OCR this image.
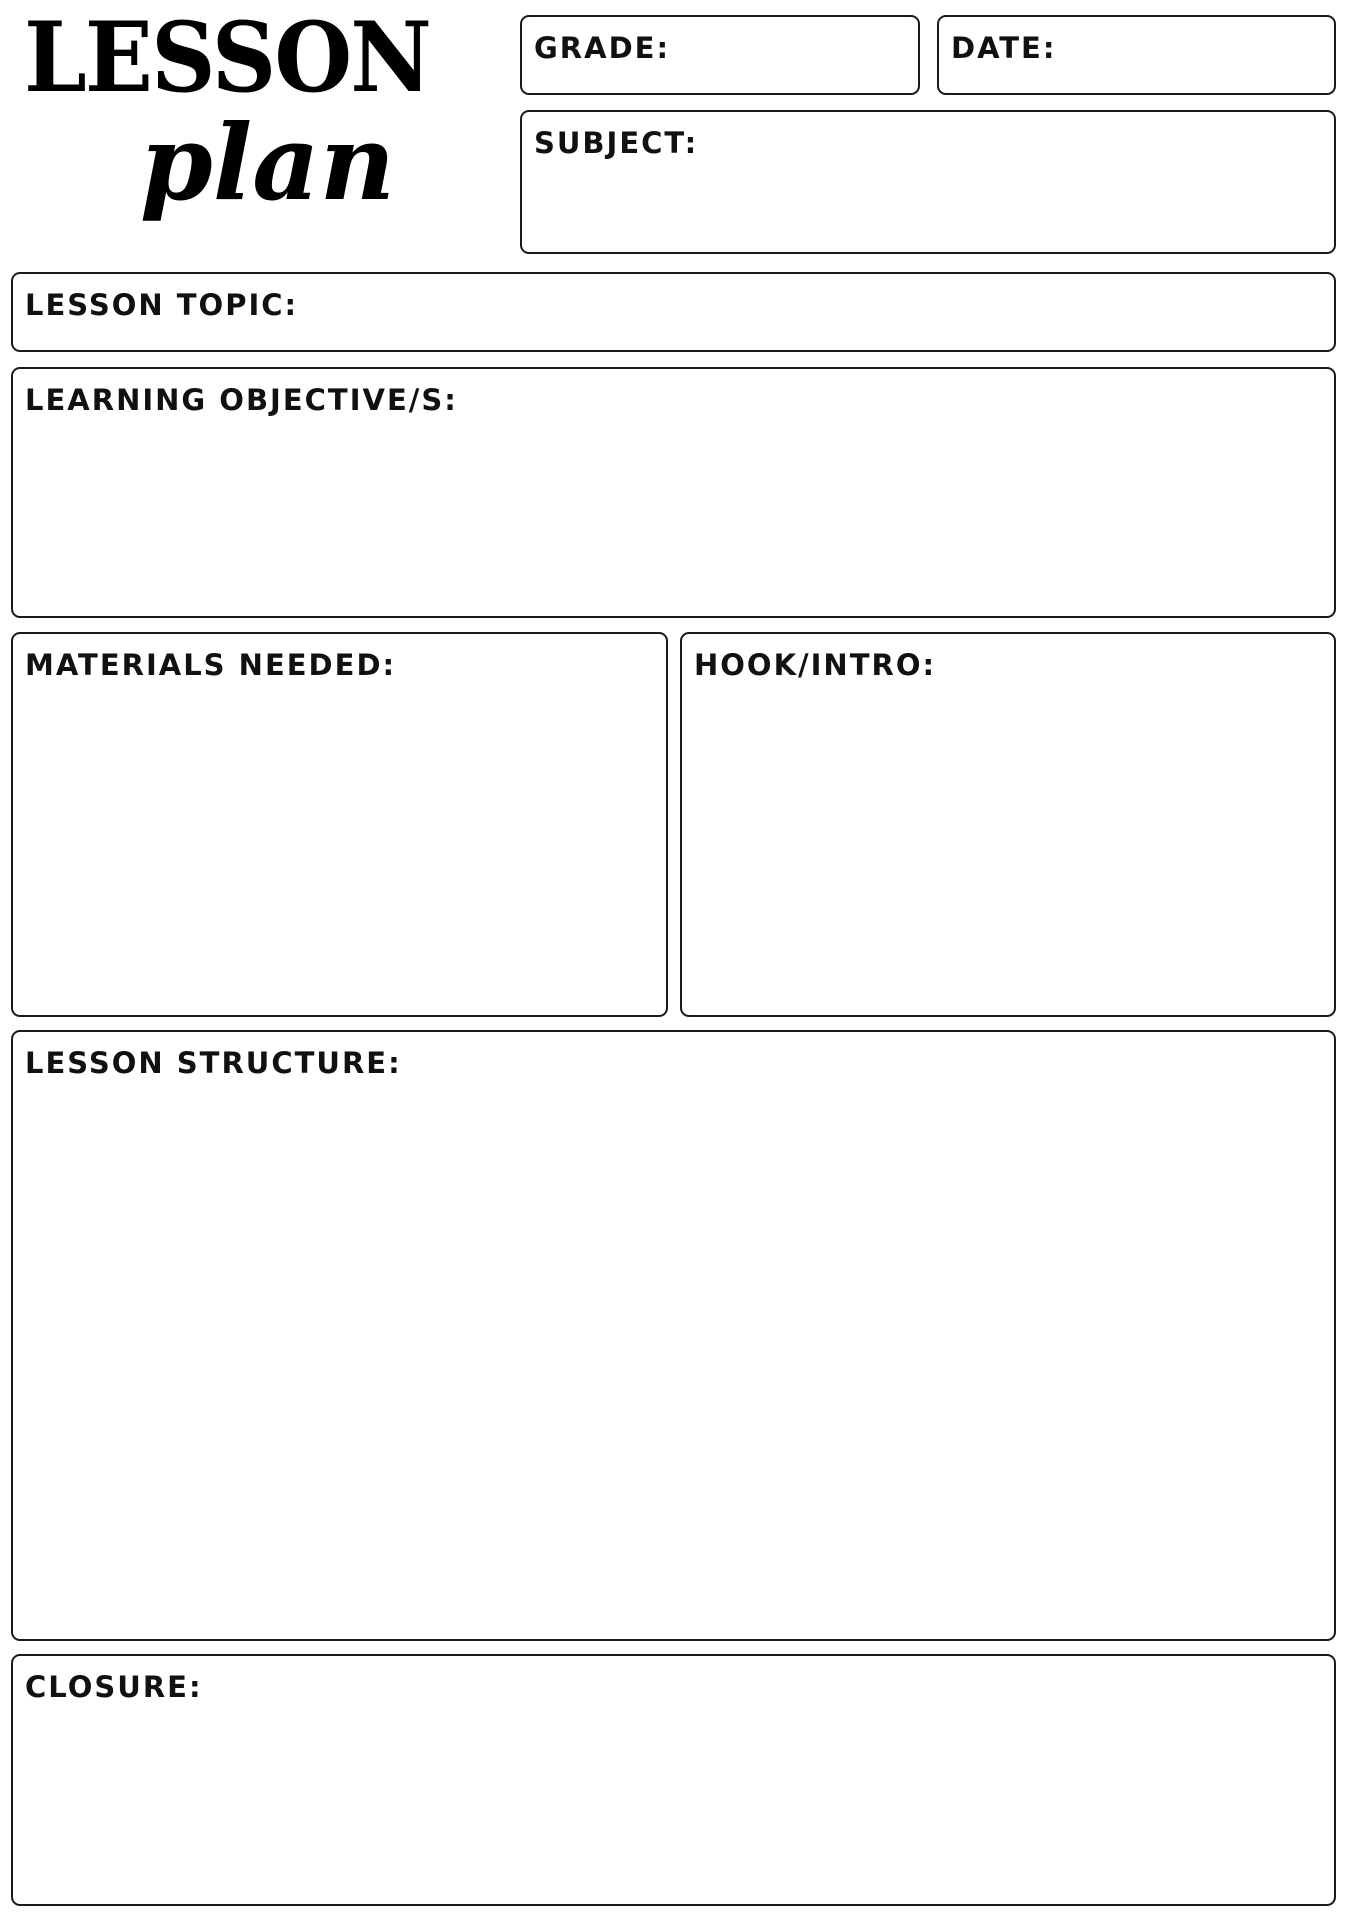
LESSON
plan
GRADE:	DATE:
SUBJECT:
LESSON TOPIC:
LEARNING OBJECTIVE/S:
MATERIALS NEEDED:	HOOK/INTRO:
LESSON STRUCTURE:
CLOSURE:
